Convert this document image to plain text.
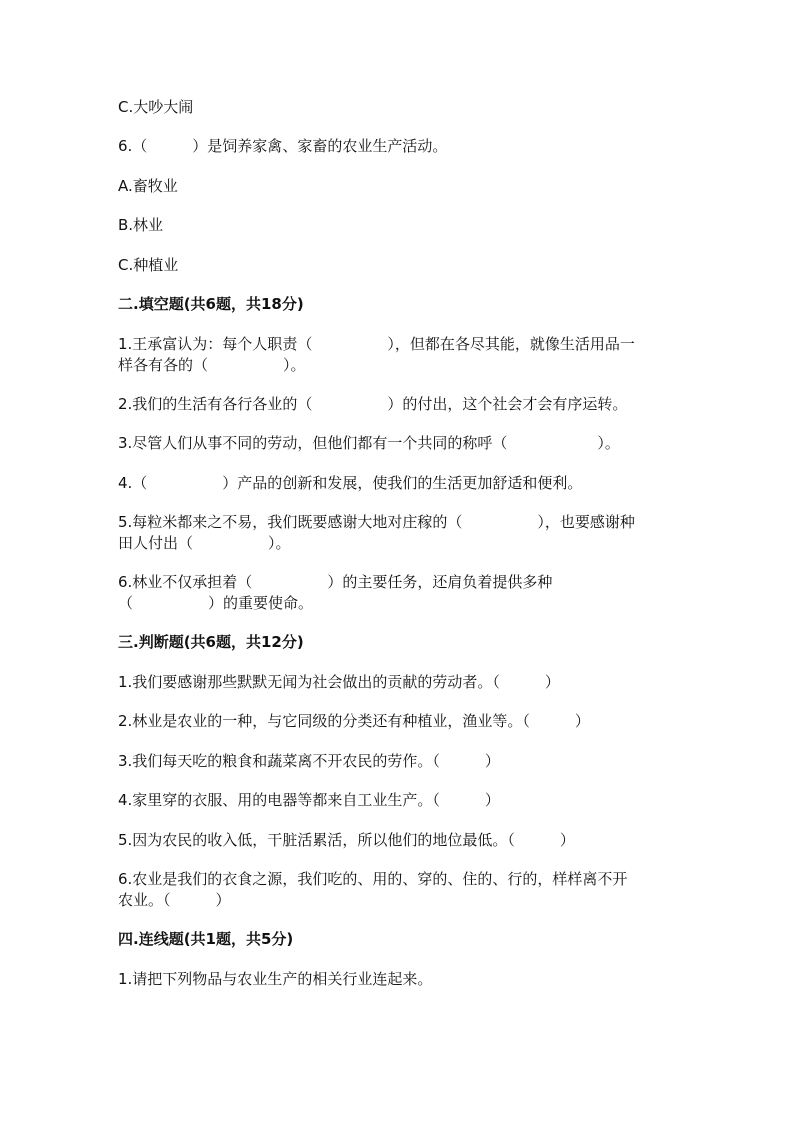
C.大吵大闹
6.（　　　）是饲养家禽、家畜的农业生产活动。
A.畜牧业
B.林业
C.种植业
二.填空题(共6题，共18分)
1.王承富认为：每个人职责（　　　　　），但都在各尽其能，就像生活用品一
样各有各的（　　　　　）。
2.我们的生活有各行各业的（　　　　　）的付出，这个社会才会有序运转。
3.尽管人们从事不同的劳动，但他们都有一个共同的称呼（　　　　　　）。
4.（　　　　　）产品的创新和发展，使我们的生活更加舒适和便利。
5.每粒米都来之不易，我们既要感谢大地对庄稼的（　　　　　），也要感谢种
田人付出（　　　　　）。
6.林业不仅承担着（　　　　　）的主要任务，还肩负着提供多种
（　　　　　）的重要使命。
三.判断题(共6题，共12分)
1.我们要感谢那些默默无闻为社会做出的贡献的劳动者。（　　　）
2.林业是农业的一种，与它同级的分类还有种植业，渔业等。（　　　）
3.我们每天吃的粮食和蔬菜离不开农民的劳作。（　　　）
4.家里穿的衣服、用的电器等都来自工业生产。（　　　）
5.因为农民的收入低，干脏活累活，所以他们的地位最低。（　　　）
6.农业是我们的衣食之源，我们吃的、用的、穿的、住的、行的，样样离不开
农业。（　　　）
四.连线题(共1题，共5分)
1.请把下列物品与农业生产的相关行业连起来。
